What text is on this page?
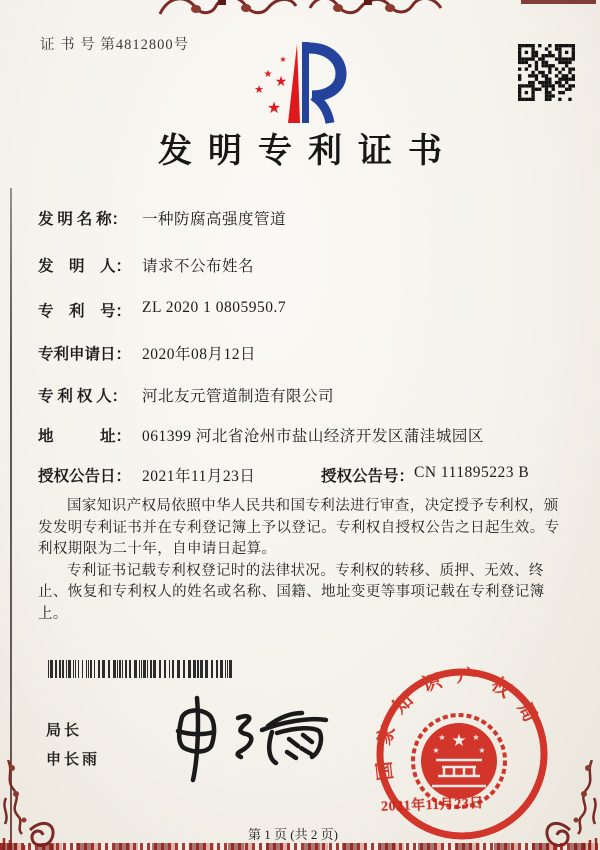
证 书 号 第4812800号
★
★ ★
★
★
发明专利证书
发 明 名 称： 一种防腐高强度管道
发　明　人： 请求不公布姓名
专　利　号： ZL 2020 1 0805950.7
专利申请日： 2020年08月12日
专 利 权 人： 河北友元管道制造有限公司
地　　　址： 061399 河北省沧州市盐山经济开发区蒲洼城园区
授权公告日： 2021年11月23日	授权公告号：CN 111895223 B

国家知识产权局依照中华人民共和国专利法进行审查，决定授予专利权，颁发发明专利证书并在专利登记簿上予以登记。专利权自授权公告之日起生效。专利权期限为二十年，自申请日起算。

专利证书记载专利权登记时的法律状况。专利权的转移、质押、无效、终止、恢复和专利权人的姓名或名称、国籍、地址变更等事项记载在专利登记簿上。

局长
申长雨	国家知识产权局
★
★	★
★	★
2021年11月23日
第 1 页 (共 2 页)
